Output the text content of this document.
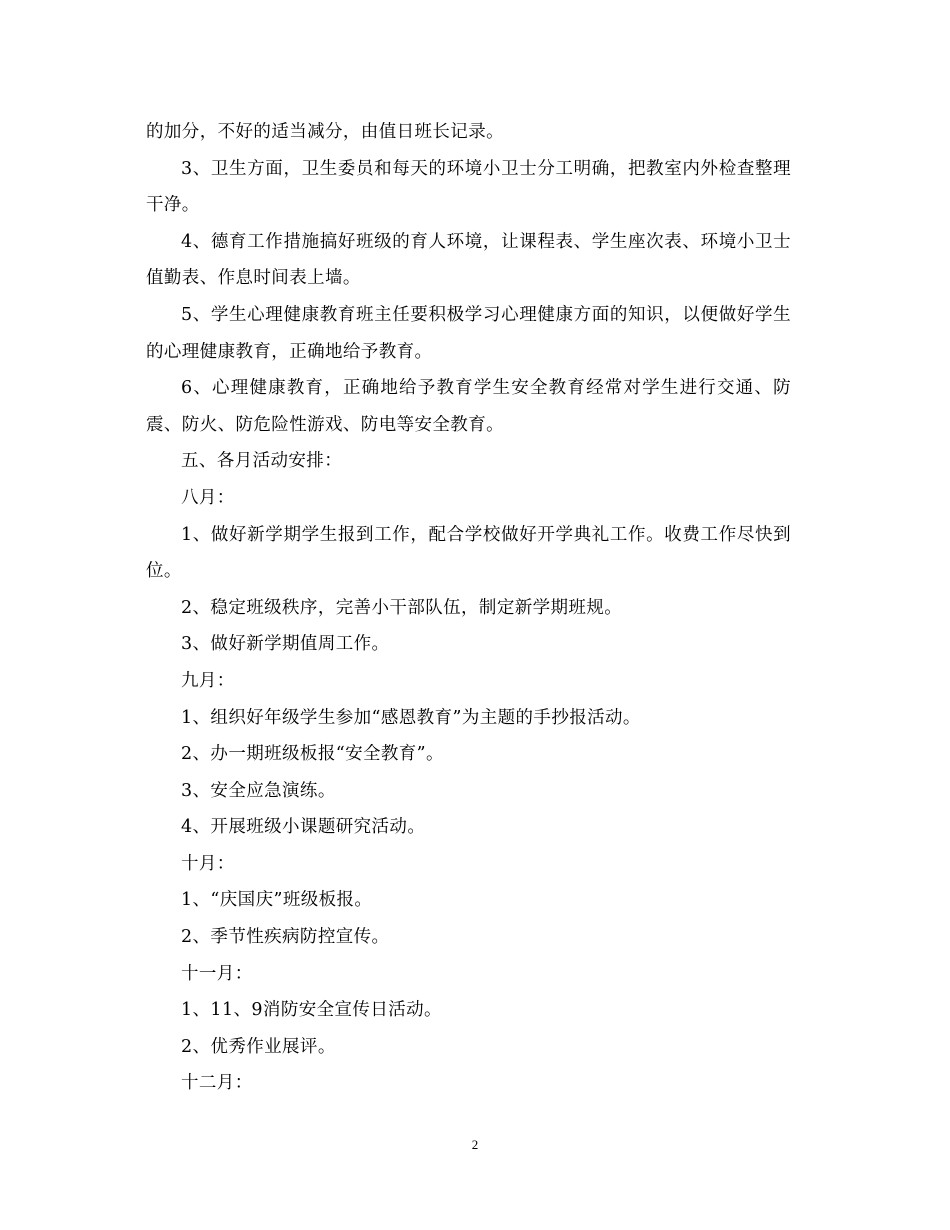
的加分，不好的适当减分，由值日班长记录。

3、卫生方面，卫生委员和每天的环境小卫士分工明确，把教室内外检查整理干净。

4、德育工作措施搞好班级的育人环境，让课程表、学生座次表、环境小卫士值勤表、作息时间表上墙。

5、学生心理健康教育班主任要积极学习心理健康方面的知识，以便做好学生的心理健康教育，正确地给予教育。

6、心理健康教育，正确地给予教育学生安全教育经常对学生进行交通、防震、防火、防危险性游戏、防电等安全教育。

五、各月活动安排：

八月：

1、做好新学期学生报到工作，配合学校做好开学典礼工作。收费工作尽快到位。

2、稳定班级秩序，完善小干部队伍，制定新学期班规。

3、做好新学期值周工作。

九月：

1、组织好年级学生参加“感恩教育”为主题的手抄报活动。

2、办一期班级板报“安全教育”。

3、安全应急演练。

4、开展班级小课题研究活动。

十月：

1、“庆国庆”班级板报。

2、季节性疾病防控宣传。

十一月：

1、11、9消防安全宣传日活动。

2、优秀作业展评。

十二月：

2
